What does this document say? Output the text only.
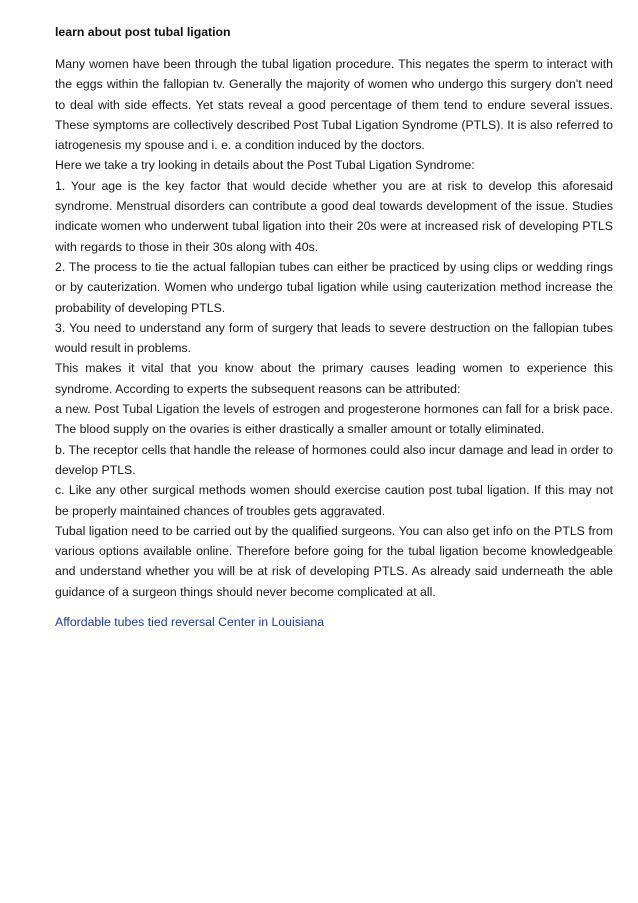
learn about post tubal ligation

Many women have been through the tubal ligation procedure. This negates the sperm to interact with the eggs within the fallopian tv. Generally the majority of women who undergo this surgery don't need to deal with side effects. Yet stats reveal a good percentage of them tend to endure several issues. These symptoms are collectively described Post Tubal Ligation Syndrome (PTLS). It is also referred to iatrogenesis my spouse and i. e. a condition induced by the doctors.

Here we take a try looking in details about the Post Tubal Ligation Syndrome:

1. Your age is the key factor that would decide whether you are at risk to develop this aforesaid syndrome. Menstrual disorders can contribute a good deal towards development of the issue. Studies indicate women who underwent tubal ligation into their 20s were at increased risk of developing PTLS with regards to those in their 30s along with 40s.

2. The process to tie the actual fallopian tubes can either be practiced by using clips or wedding rings or by cauterization. Women who undergo tubal ligation while using cauterization method increase the probability of developing PTLS.

3. You need to understand any form of surgery that leads to severe destruction on the fallopian tubes would result in problems.

This makes it vital that you know about the primary causes leading women to experience this syndrome. According to experts the subsequent reasons can be attributed:

a new. Post Tubal Ligation the levels of estrogen and progesterone hormones can fall for a brisk pace. The blood supply on the ovaries is either drastically a smaller amount or totally eliminated.

b. The receptor cells that handle the release of hormones could also incur damage and lead in order to develop PTLS.

c. Like any other surgical methods women should exercise caution post tubal ligation. If this may not be properly maintained chances of troubles gets aggravated.

Tubal ligation need to be carried out by the qualified surgeons. You can also get info on the PTLS from various options available online. Therefore before going for the tubal ligation become knowledgeable and understand whether you will be at risk of developing PTLS. As already said underneath the able guidance of a surgeon things should never become complicated at all.

Affordable tubes tied reversal Center in Louisiana
